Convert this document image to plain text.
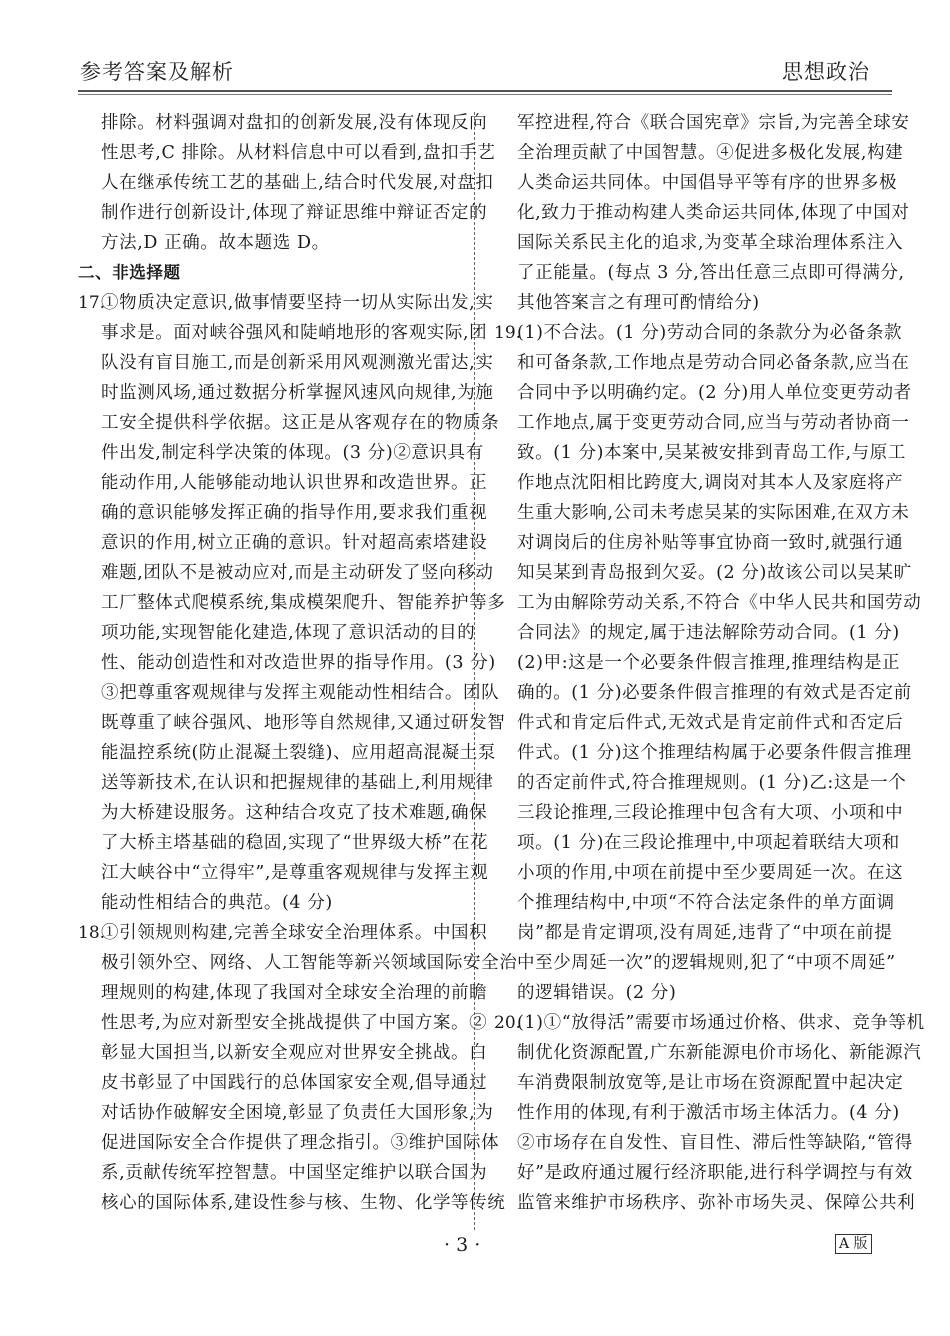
参考答案及解析	思想政治
排除。材料强调对盘扣的创新发展,没有体现反向
性思考,C 排除。从材料信息中可以看到,盘扣手艺
人在继承传统工艺的基础上,结合时代发展,对盘扣
制作进行创新设计,体现了辩证思维中辩证否定的
方法,D 正确。故本题选 D。
二、非选择题
17.①物质决定意识,做事情要坚持一切从实际出发,实
事求是。面对峡谷强风和陡峭地形的客观实际,团
队没有盲目施工,而是创新采用风观测激光雷达,实
时监测风场,通过数据分析掌握风速风向规律,为施
工安全提供科学依据。这正是从客观存在的物质条
件出发,制定科学决策的体现。(3 分)②意识具有
能动作用,人能够能动地认识世界和改造世界。正
确的意识能够发挥正确的指导作用,要求我们重视
意识的作用,树立正确的意识。针对超高索塔建设
难题,团队不是被动应对,而是主动研发了竖向移动
工厂整体式爬模系统,集成模架爬升、智能养护等多
项功能,实现智能化建造,体现了意识活动的目的
性、能动创造性和对改造世界的指导作用。(3 分)
③把尊重客观规律与发挥主观能动性相结合。团队
既尊重了峡谷强风、地形等自然规律,又通过研发智
能温控系统(防止混凝土裂缝)、应用超高混凝土泵
送等新技术,在认识和把握规律的基础上,利用规律
为大桥建设服务。这种结合攻克了技术难题,确保
了大桥主塔基础的稳固,实现了“世界级大桥”在花
江大峡谷中“立得牢”,是尊重客观规律与发挥主观
能动性相结合的典范。(4 分)
18.①引领规则构建,完善全球安全治理体系。中国积
极引领外空、网络、人工智能等新兴领域国际安全治
理规则的构建,体现了我国对全球安全治理的前瞻
性思考,为应对新型安全挑战提供了中国方案。②
彰显大国担当,以新安全观应对世界安全挑战。白
皮书彰显了中国践行的总体国家安全观,倡导通过
对话协作破解安全困境,彰显了负责任大国形象,为
促进国际安全合作提供了理念指引。③维护国际体
系,贡献传统军控智慧。中国坚定维护以联合国为
核心的国际体系,建设性参与核、生物、化学等传统
军控进程,符合《联合国宪章》宗旨,为完善全球安
全治理贡献了中国智慧。④促进多极化发展,构建
人类命运共同体。中国倡导平等有序的世界多极
化,致力于推动构建人类命运共同体,体现了中国对
国际关系民主化的追求,为变革全球治理体系注入
了正能量。(每点 3 分,答出任意三点即可得满分,
其他答案言之有理可酌情给分)
19.(1)不合法。(1 分)劳动合同的条款分为必备条款
和可备条款,工作地点是劳动合同必备条款,应当在
合同中予以明确约定。(2 分)用人单位变更劳动者
工作地点,属于变更劳动合同,应当与劳动者协商一
致。(1 分)本案中,吴某被安排到青岛工作,与原工
作地点沈阳相比跨度大,调岗对其本人及家庭将产
生重大影响,公司未考虑吴某的实际困难,在双方未
对调岗后的住房补贴等事宜协商一致时,就强行通
知吴某到青岛报到欠妥。(2 分)故该公司以吴某旷
工为由解除劳动关系,不符合《中华人民共和国劳动
合同法》的规定,属于违法解除劳动合同。(1 分)
(2)甲:这是一个必要条件假言推理,推理结构是正
确的。(1 分)必要条件假言推理的有效式是否定前
件式和肯定后件式,无效式是肯定前件式和否定后
件式。(1 分)这个推理结构属于必要条件假言推理
的否定前件式,符合推理规则。(1 分)乙:这是一个
三段论推理,三段论推理中包含有大项、小项和中
项。(1 分)在三段论推理中,中项起着联结大项和
小项的作用,中项在前提中至少要周延一次。在这
个推理结构中,中项“不符合法定条件的单方面调
岗”都是肯定谓项,没有周延,违背了“中项在前提
中至少周延一次”的逻辑规则,犯了“中项不周延”
的逻辑错误。(2 分)
20.(1)①“放得活”需要市场通过价格、供求、竞争等机
制优化资源配置,广东新能源电价市场化、新能源汽
车消费限制放宽等,是让市场在资源配置中起决定
性作用的体现,有利于激活市场主体活力。(4 分)
②市场存在自发性、盲目性、滞后性等缺陷,“管得
好”是政府通过履行经济职能,进行科学调控与有效
监管来维护市场秩序、弥补市场失灵、保障公共利
· 3 ·	A 版
